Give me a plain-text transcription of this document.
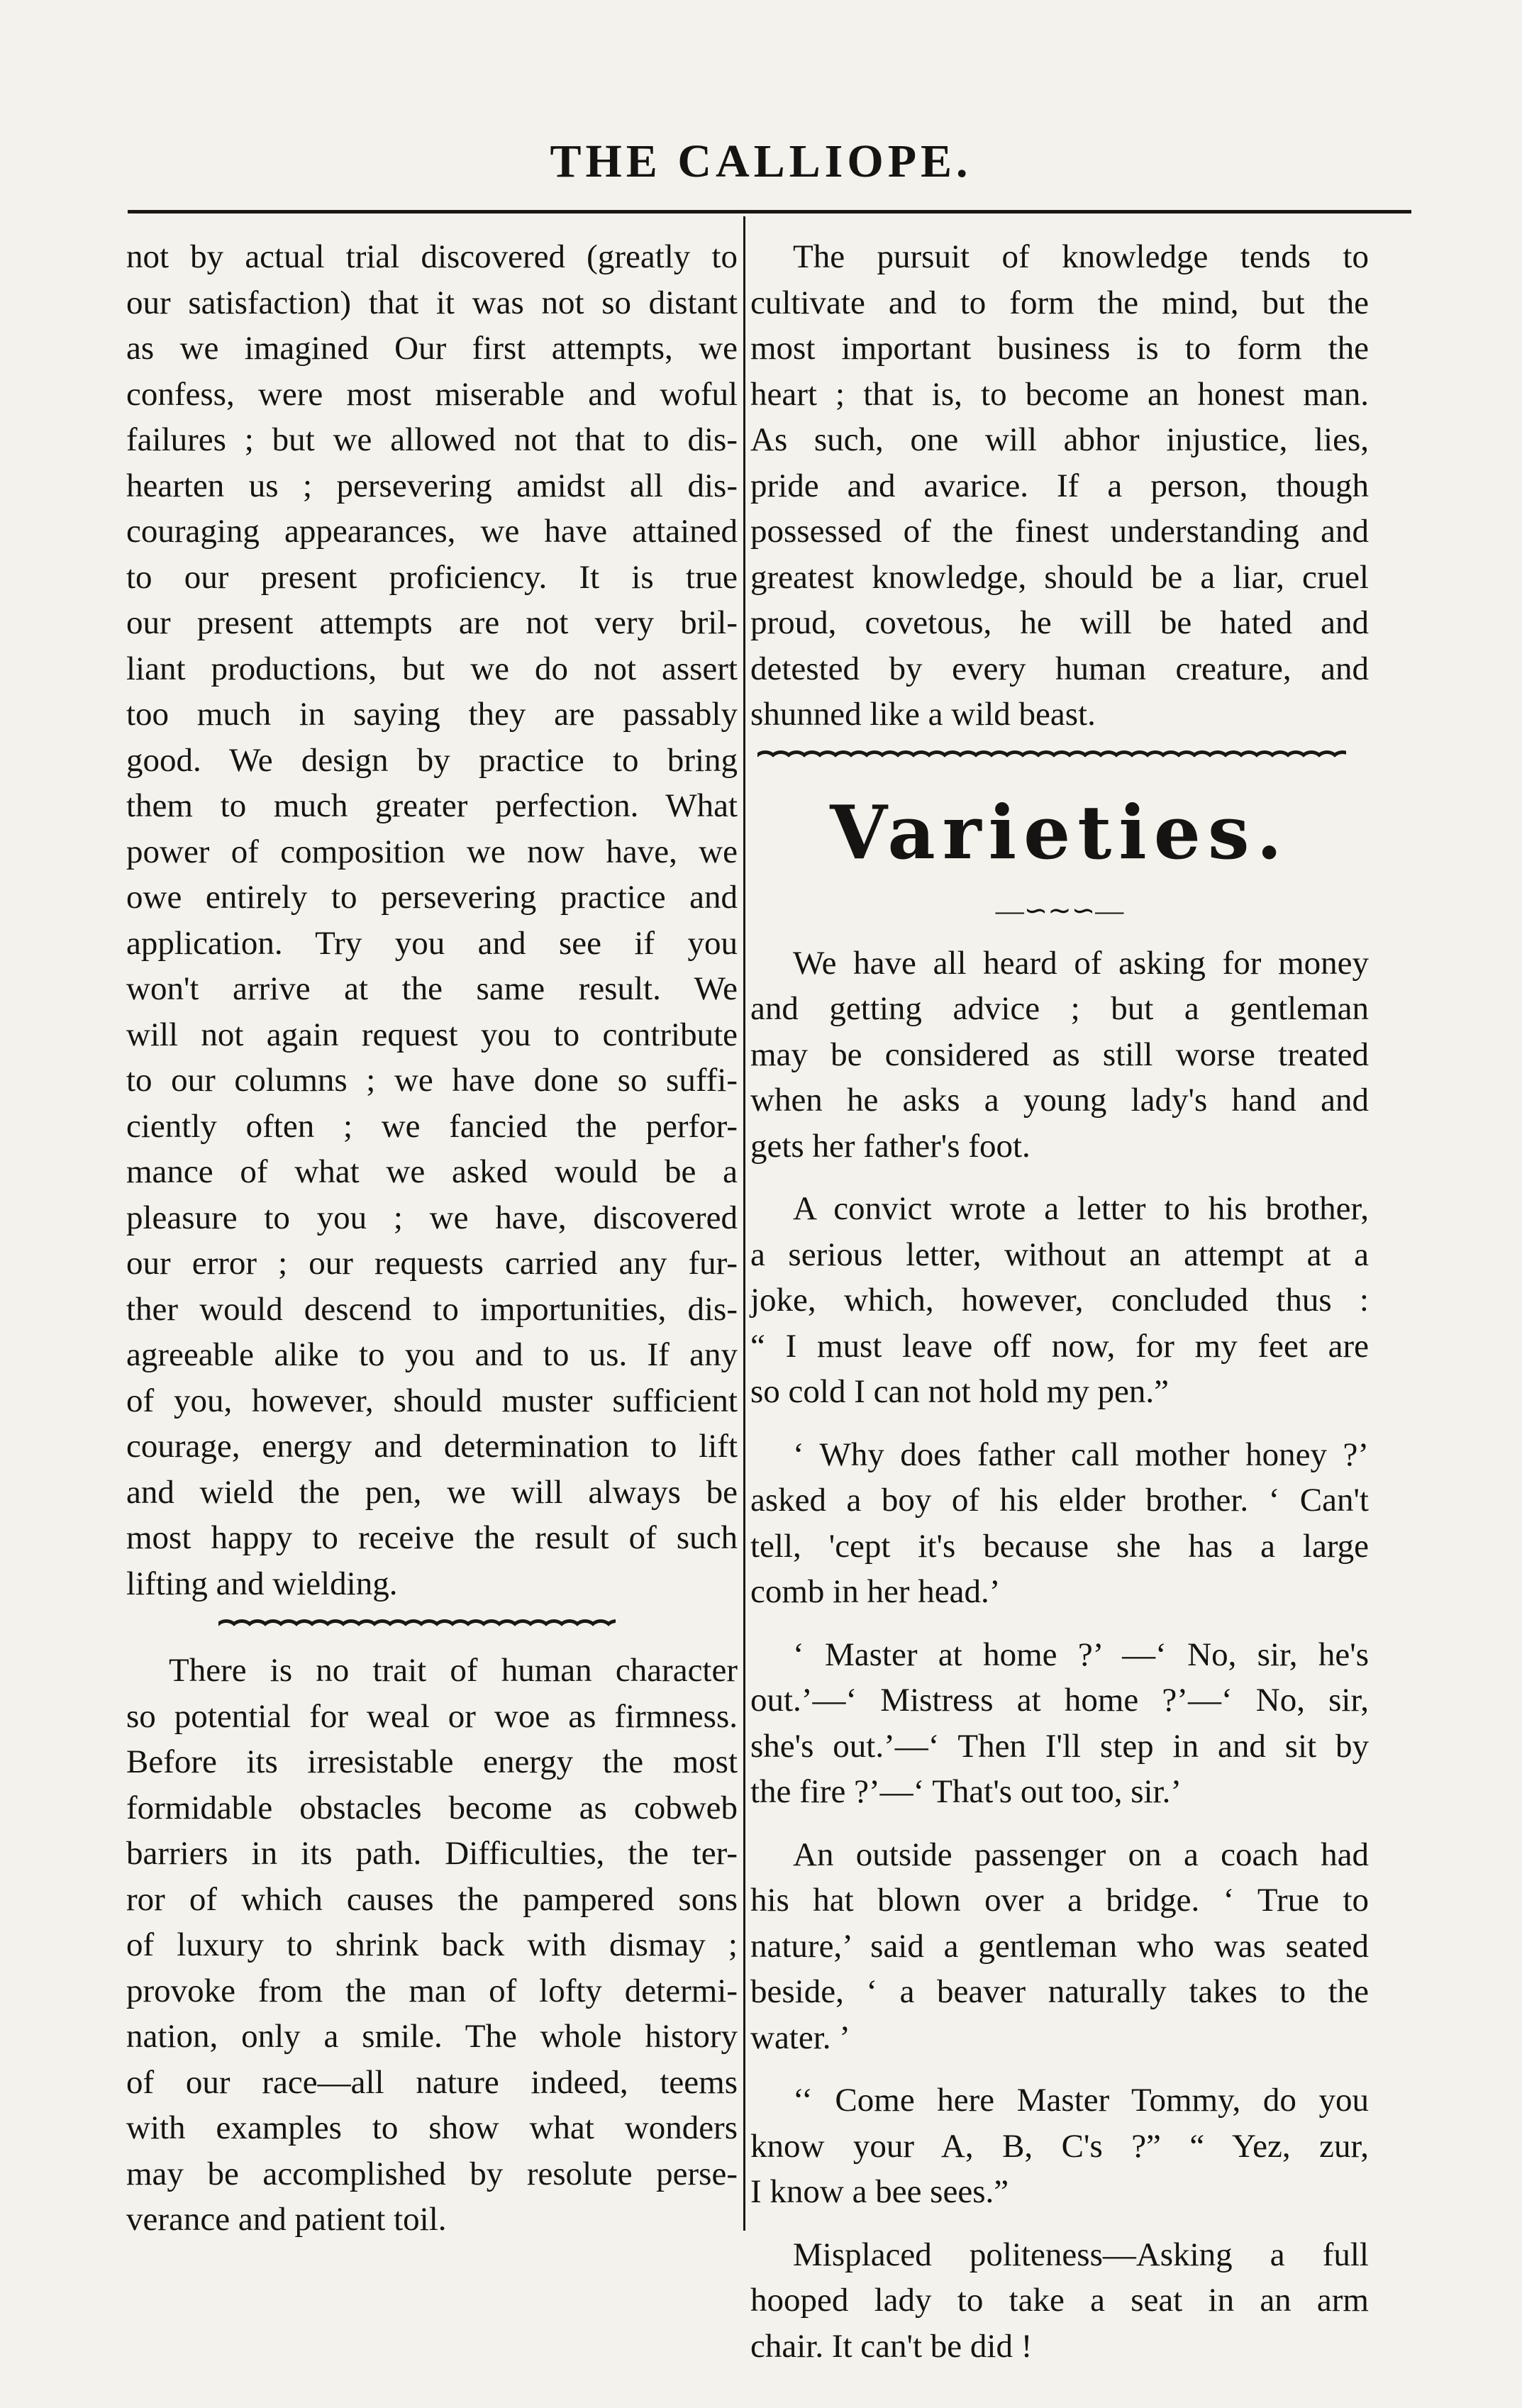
THE CALLIOPE.
not by actual trial discovered (greatly to
our satisfaction) that it was not so distant
as we imagined Our first attempts, we
confess, were most miserable and woful
failures ; but we allowed not that to dis-
hearten us ; persevering amidst all dis-
couraging appearances, we have attained
to our present proficiency. It is true
our present attempts are not very bril-
liant productions, but we do not assert
too much in saying they are passably
good. We design by practice to bring
them to much greater perfection. What
power of composition we now have, we
owe entirely to persevering practice and
application. Try you and see if you
won't arrive at the same result. We
will not again request you to contribute
to our columns ; we have done so suffi-
ciently often ; we fancied the perfor-
mance of what we asked would be a
pleasure to you ; we have, discovered
our error ; our requests carried any fur-
ther would descend to importunities, dis-
agreeable alike to you and to us. If any
of you, however, should muster sufficient
courage, energy and determination to lift
and wield the pen, we will always be
most happy to receive the result of such
lifting and wielding.
There is no trait of human character
so potential for weal or woe as firmness.
Before its irresistable energy the most
formidable obstacles become as cobweb
barriers in its path. Difficulties, the ter-
ror of which causes the pampered sons
of luxury to shrink back with dismay ;
provoke from the man of lofty determi-
nation, only a smile. The whole history
of our race—all nature indeed, teems
with examples to show what wonders
may be accomplished by resolute perse-
verance and patient toil.
The pursuit of knowledge tends to
cultivate and to form the mind, but the
most important business is to form the
heart ; that is, to become an honest man.
As such, one will abhor injustice, lies,
pride and avarice. If a person, though
possessed of the finest understanding and
greatest knowledge, should be a liar, cruel
proud, covetous, he will be hated and
detested by every human creature, and
shunned like a wild beast.
Varieties.
—∽∼∽—
We have all heard of asking for money
and getting advice ; but a gentleman
may be considered as still worse treated
when he asks a young lady's hand and
gets her father's foot.
A convict wrote a letter to his brother,
a serious letter, without an attempt at a
joke, which, however, concluded thus :
“ I must leave off now, for my feet are
so cold I can not hold my pen.”
‘ Why does father call mother honey ?’
asked a boy of his elder brother. ‘ Can't
tell, 'cept it's because she has a large
comb in her head.’
‘ Master at home ?’ —‘ No, sir, he's
out.’—‘ Mistress at home ?’—‘ No, sir,
she's out.’—‘ Then I'll step in and sit by
the fire ?’—‘ That's out too, sir.’
An outside passenger on a coach had
his hat blown over a bridge. ‘ True to
nature,’ said a gentleman who was seated
beside, ‘ a beaver naturally takes to the
water. ’
‘‘ Come here Master Tommy, do you
know your A, B, C's ?” “ Yez, zur,
I know a bee sees.”
Misplaced politeness—Asking a full
hooped lady to take a seat in an arm
chair. It can't be did !
